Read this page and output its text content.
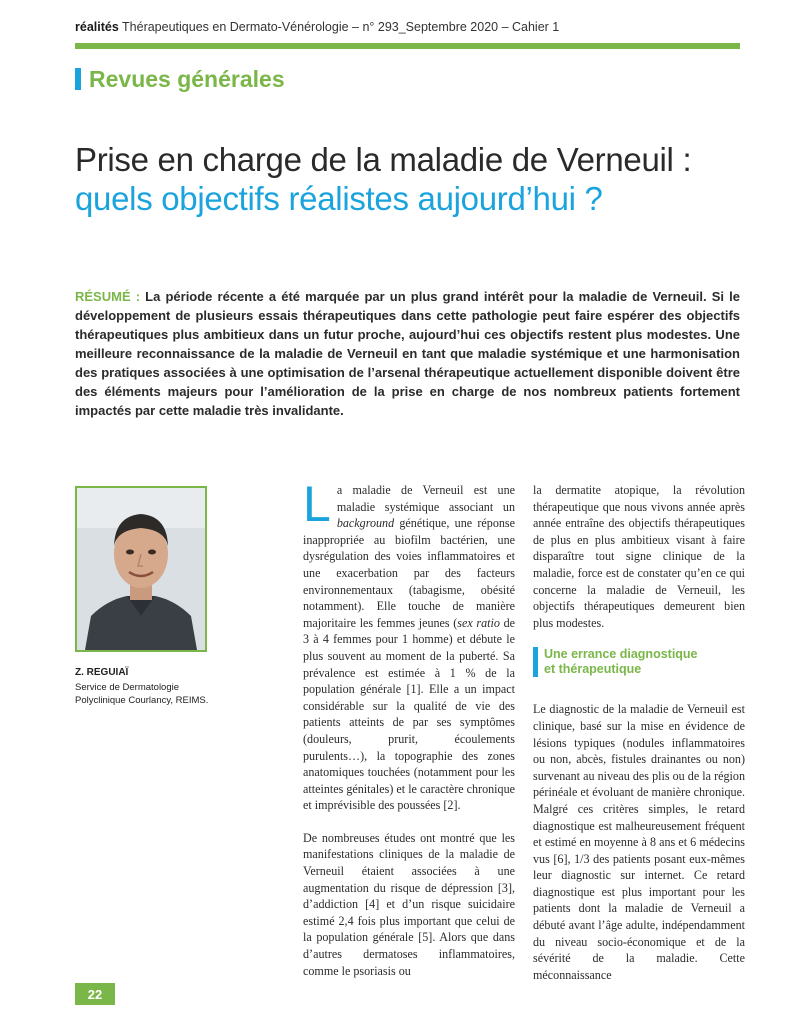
réalités Thérapeutiques en Dermato-Vénérologie – n° 293_Septembre 2020 – Cahier 1
Revues générales
Prise en charge de la maladie de Verneuil :
quels objectifs réalistes aujourd’hui ?
RÉSUMÉ : La période récente a été marquée par un plus grand intérêt pour la maladie de Verneuil. Si le développement de plusieurs essais thérapeutiques dans cette pathologie peut faire espérer des objectifs thérapeutiques plus ambitieux dans un futur proche, aujourd’hui ces objectifs restent plus modestes. Une meilleure reconnaissance de la maladie de Verneuil en tant que maladie systémique et une harmonisation des pratiques associées à une optimisation de l’arsenal thérapeutique actuellement disponible doivent être des éléments majeurs pour l’amélioration de la prise en charge de nos nombreux patients fortement impactés par cette maladie très invalidante.
Z. REGUIAÏ
Service de Dermatologie
Polyclinique Courlancy, REIMS.

La maladie de Verneuil est une maladie systémique associant un background génétique, une réponse inappropriée au biofilm bactérien, une dysrégulation des voies inflammatoires et une exacerbation par des facteurs environnementaux (tabagisme, obésité notamment). Elle touche de manière majoritaire les femmes jeunes (sex ratio de 3 à 4 femmes pour 1 homme) et débute le plus souvent au moment de la puberté. Sa prévalence est estimée à 1 % de la population générale [1]. Elle a un impact considérable sur la qualité de vie des patients atteints de par ses symptômes (douleurs, prurit, écoulements purulents…), la topographie des zones anatomiques touchées (notamment pour les atteintes génitales) et le caractère chronique et imprévisible des poussées [2].

De nombreuses études ont montré que les manifestations cliniques de la maladie de Verneuil étaient associées à une augmentation du risque de dépression [3], d’addiction [4] et d’un risque suicidaire estimé 2,4 fois plus important que celui de la population générale [5]. Alors que dans d’autres dermatoses inflammatoires, comme le psoriasis ou

la dermatite atopique, la révolution thérapeutique que nous vivons année après année entraîne des objectifs thérapeutiques de plus en plus ambitieux visant à faire disparaître tout signe clinique de la maladie, force est de constater qu’en ce qui concerne la maladie de Verneuil, les objectifs thérapeutiques demeurent bien plus modestes.

Une errance diagnostique
et thérapeutique

Le diagnostic de la maladie de Verneuil est clinique, basé sur la mise en évidence de lésions typiques (nodules inflammatoires ou non, abcès, fistules drainantes ou non) survenant au niveau des plis ou de la région périnéale et évoluant de manière chronique. Malgré ces critères simples, le retard diagnostique est malheureusement fréquent et estimé en moyenne à 8 ans et 6 médecins vus [6], 1/3 des patients posant eux-mêmes leur diagnostic sur internet. Ce retard diagnostique est plus important pour les patients dont la maladie de Verneuil a débuté avant l’âge adulte, indépendamment du niveau socio-économique et de la sévérité de la maladie. Cette méconnaissance

22
